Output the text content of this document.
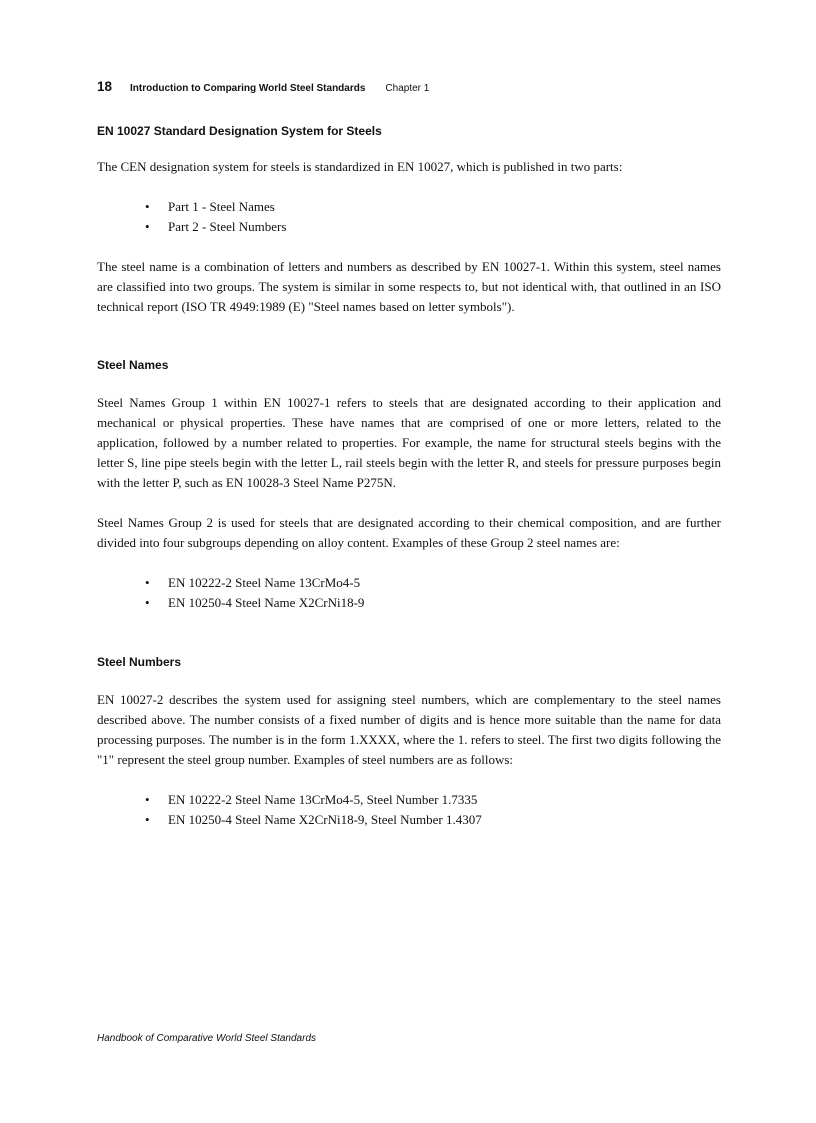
18 Introduction to Comparing World Steel Standards Chapter 1
EN 10027 Standard Designation System for Steels

The CEN designation system for steels is standardized in EN 10027, which is published in two parts:

• Part 1 - Steel Names
• Part 2 - Steel Numbers

The steel name is a combination of letters and numbers as described by EN 10027-1. Within this system, steel names are classified into two groups. The system is similar in some respects to, but not identical with, that outlined in an ISO technical report (ISO TR 4949:1989 (E) "Steel names based on letter symbols").

Steel Names

Steel Names Group 1 within EN 10027-1 refers to steels that are designated according to their application and mechanical or physical properties. These have names that are comprised of one or more letters, related to the application, followed by a number related to properties. For example, the name for structural steels begins with the letter S, line pipe steels begin with the letter L, rail steels begin with the letter R, and steels for pressure purposes begin with the letter P, such as EN 10028-3 Steel Name P275N.

Steel Names Group 2 is used for steels that are designated according to their chemical composition, and are further divided into four subgroups depending on alloy content. Examples of these Group 2 steel names are:

• EN 10222-2 Steel Name 13CrMo4-5
• EN 10250-4 Steel Name X2CrNi18-9
Steel Numbers

EN 10027-2 describes the system used for assigning steel numbers, which are complementary to the steel names described above. The number consists of a fixed number of digits and is hence more suitable than the name for data processing purposes. The number is in the form 1.XXXX, where the 1. refers to steel. The first two digits following the "1" represent the steel group number. Examples of steel numbers are as follows:

• EN 10222-2 Steel Name 13CrMo4-5, Steel Number 1.7335
• EN 10250-4 Steel Name X2CrNi18-9, Steel Number 1.4307
Handbook of Comparative World Steel Standards
